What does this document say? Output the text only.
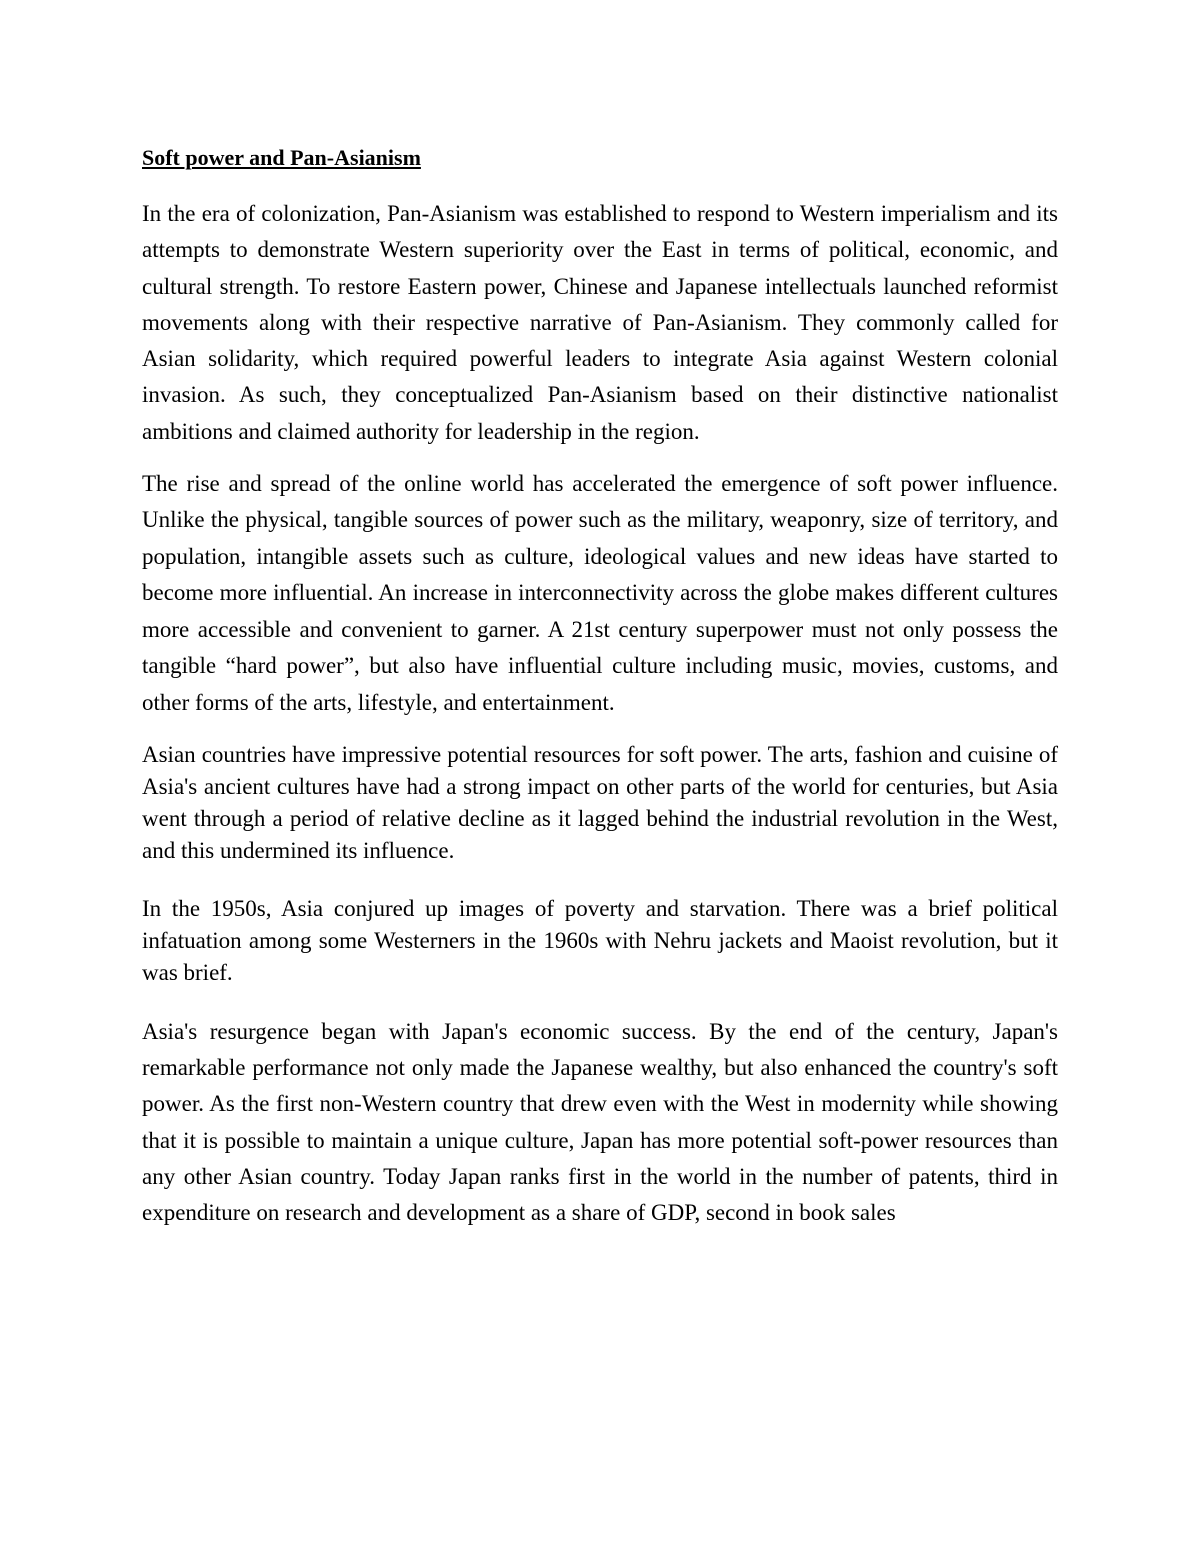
Soft power and Pan-Asianism

In the era of colonization, Pan-Asianism was established to respond to Western imperialism and its attempts to demonstrate Western superiority over the East in terms of political, economic, and cultural strength. To restore Eastern power, Chinese and Japanese intellectuals launched reformist movements along with their respective narrative of Pan-Asianism. They commonly called for Asian solidarity, which required powerful leaders to integrate Asia against Western colonial invasion. As such, they conceptualized Pan-Asianism based on their distinctive nationalist ambitions and claimed authority for leadership in the region.

The rise and spread of the online world has accelerated the emergence of soft power influence. Unlike the physical, tangible sources of power such as the military, weaponry, size of territory, and population, intangible assets such as culture, ideological values and new ideas have started to become more influential. An increase in interconnectivity across the globe makes different cultures more accessible and convenient to garner. A 21st century superpower must not only possess the tangible “hard power”, but also have influential culture including music, movies, customs, and other forms of the arts, lifestyle, and entertainment.

Asian countries have impressive potential resources for soft power. The arts, fashion and cuisine of Asia's ancient cultures have had a strong impact on other parts of the world for centuries, but Asia went through a period of relative decline as it lagged behind the industrial revolution in the West, and this undermined its influence.

In the 1950s, Asia conjured up images of poverty and starvation. There was a brief political infatuation among some Westerners in the 1960s with Nehru jackets and Maoist revolution, but it was brief.

Asia's resurgence began with Japan's economic success. By the end of the century, Japan's remarkable performance not only made the Japanese wealthy, but also enhanced the country's soft power. As the first non-Western country that drew even with the West in modernity while showing that it is possible to maintain a unique culture, Japan has more potential soft-power resources than any other Asian country. Today Japan ranks first in the world in the number of patents, third in expenditure on research and development as a share of GDP, second in book sales
